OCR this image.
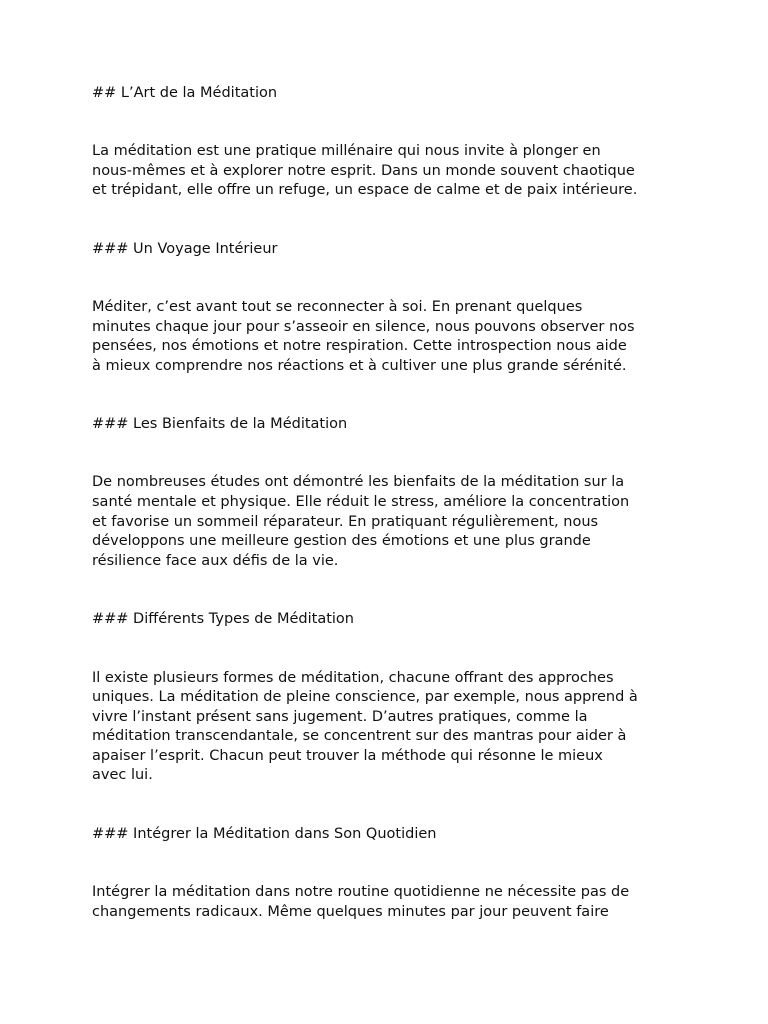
## L’Art de la Méditation
La méditation est une pratique millénaire qui nous invite à plonger en
nous-mêmes et à explorer notre esprit. Dans un monde souvent chaotique
et trépidant, elle offre un refuge, un espace de calme et de paix intérieure.
### Un Voyage Intérieur
Méditer, c’est avant tout se reconnecter à soi. En prenant quelques
minutes chaque jour pour s’asseoir en silence, nous pouvons observer nos
pensées, nos émotions et notre respiration. Cette introspection nous aide
à mieux comprendre nos réactions et à cultiver une plus grande sérénité.
### Les Bienfaits de la Méditation
De nombreuses études ont démontré les bienfaits de la méditation sur la
santé mentale et physique. Elle réduit le stress, améliore la concentration
et favorise un sommeil réparateur. En pratiquant régulièrement, nous
développons une meilleure gestion des émotions et une plus grande
résilience face aux défis de la vie.
### Différents Types de Méditation
Il existe plusieurs formes de méditation, chacune offrant des approches
uniques. La méditation de pleine conscience, par exemple, nous apprend à
vivre l’instant présent sans jugement. D’autres pratiques, comme la
méditation transcendantale, se concentrent sur des mantras pour aider à
apaiser l’esprit. Chacun peut trouver la méthode qui résonne le mieux
avec lui.
### Intégrer la Méditation dans Son Quotidien
Intégrer la méditation dans notre routine quotidienne ne nécessite pas de
changements radicaux. Même quelques minutes par jour peuvent faire
